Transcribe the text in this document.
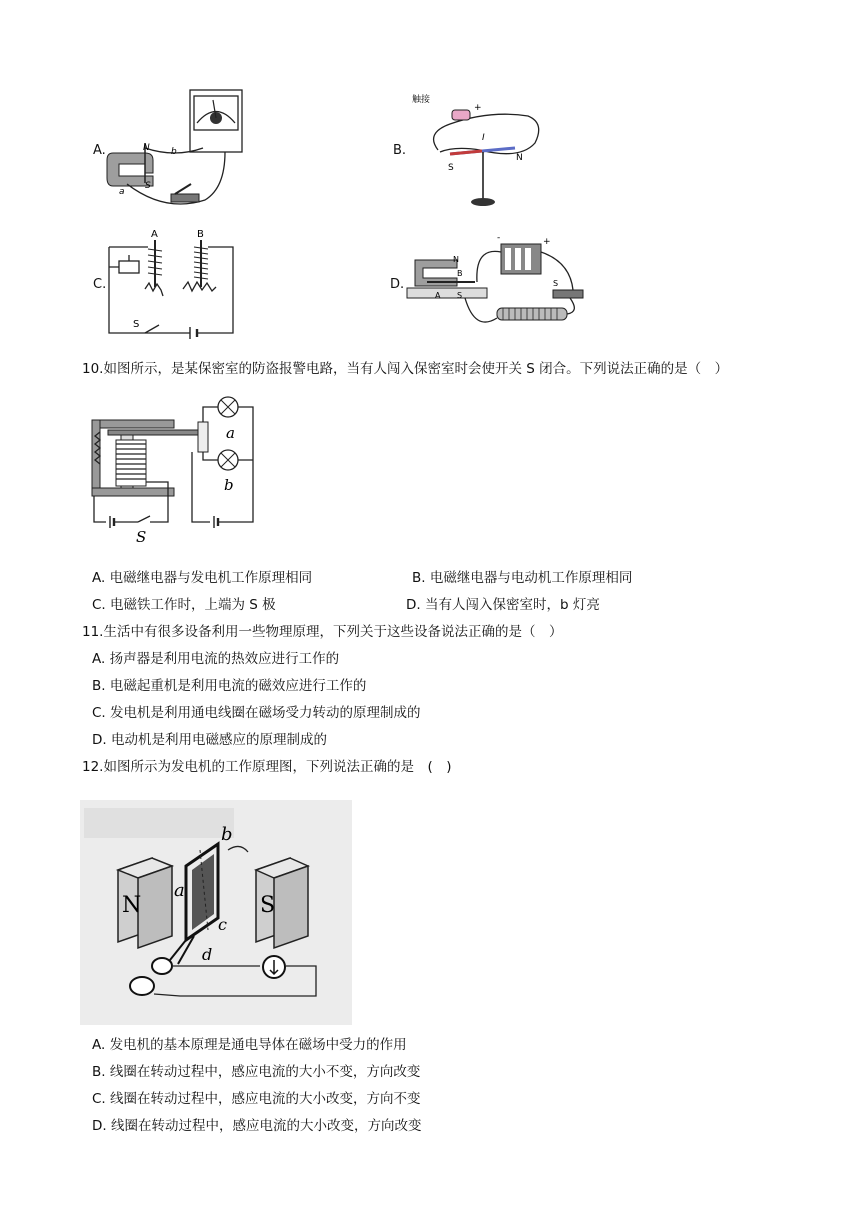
A.	N b
a
S
B.
触接
+
I
S
N
C.
A	B
S
D.
N
B
A S
-	+
S
10.如图所示，是某保密室的防盗报警电路，当有人闯入保密室时会使开关 S 闭合。下列说法正确的是（　）
a
b
S
A. 电磁继电器与发电机工作原理相同	B. 电磁继电器与电动机工作原理相同
C. 电磁铁工作时，上端为 S 极	D. 当有人闯入保密室时，b 灯亮
11.生活中有很多设备利用一些物理原理，下列关于这些设备说法正确的是（　）
A. 扬声器是利用电流的热效应进行工作的
B. 电磁起重机是利用电流的磁效应进行工作的
C. 发电机是利用通电线圈在磁场受力转动的原理制成的
D. 电动机是利用电磁感应的原理制成的
12.如图所示为发电机的工作原理图，下列说法正确的是　(　)
N	S
b
a
c
d
A. 发电机的基本原理是通电导体在磁场中受力的作用
B. 线圈在转动过程中，感应电流的大小不变，方向改变
C. 线圈在转动过程中，感应电流的大小改变，方向不变
D. 线圈在转动过程中，感应电流的大小改变，方向改变
